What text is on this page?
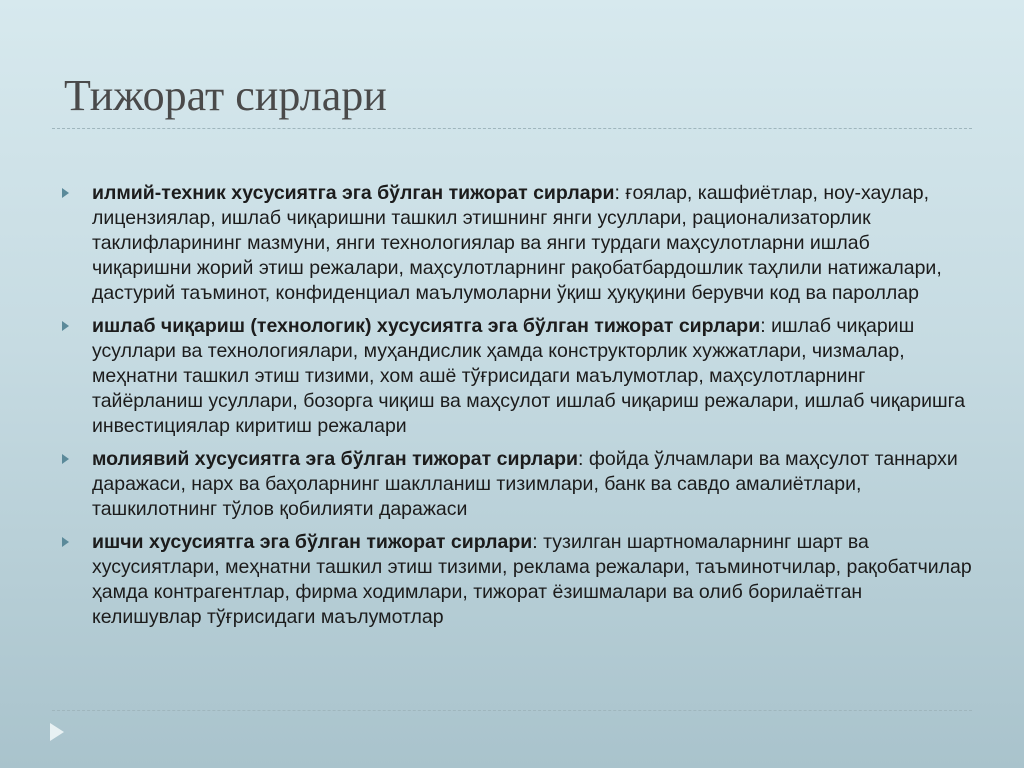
Тижорат сирлари
илмий-техник хусусиятга эга бўлган тижорат сирлари: ғоялар, кашфиётлар, ноу-хаулар, лицензиялар, ишлаб чиқаришни ташкил этишнинг янги усуллари, рационализаторлик таклифларининг мазмуни, янги технологиялар ва янги турдаги маҳсулотларни ишлаб чиқаришни жорий этиш режалари, маҳсулотларнинг рақобатбардошлик таҳлили натижалари, дастурий таъминот, конфиденциал маълумоларни ўқиш ҳуқуқини берувчи код ва пароллар
ишлаб чиқариш (технологик) хусусиятга эга бўлган тижорат сирлари: ишлаб чиқариш усуллари ва технологиялари, муҳандислик ҳамда конструкторлик хужжатлари, чизмалар, меҳнатни ташкил этиш тизими, хом ашё тўғрисидаги маълумотлар, маҳсулотларнинг тайёрланиш усуллари, бозорга чиқиш ва маҳсулот ишлаб чиқариш режалари, ишлаб чиқаришга инвестициялар киритиш режалари
молиявий хусусиятга эга бўлган тижорат сирлари: фойда ўлчамлари ва маҳсулот таннархи даражаси, нарх ва баҳоларнинг шаклланиш тизимлари, банк ва савдо амалиётлари, ташкилотнинг тўлов қобилияти даражаси
ишчи хусусиятга эга бўлган тижорат сирлари: тузилган шартномаларнинг шарт ва хусусиятлари, меҳнатни ташкил этиш тизими, реклама режалари, таъминотчилар, рақобатчилар ҳамда контрагентлар, фирма ходимлари, тижорат ёзишмалари ва олиб борилаётган келишувлар тўғрисидаги маълумотлар
